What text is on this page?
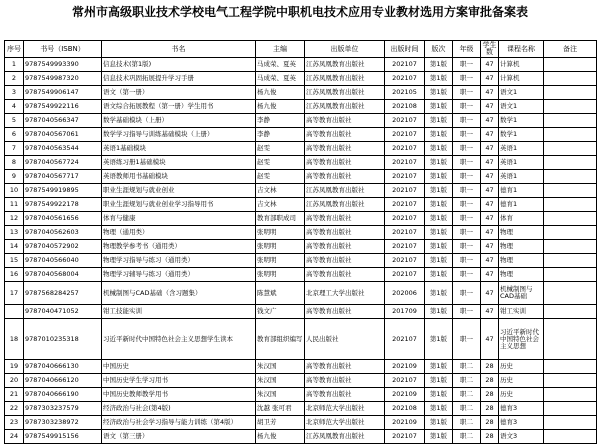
常州市高级职业技术学校电气工程学院中职机电技术应用专业教材选用方案审批备案表
序号	书号（ISBN）	书名	主编	出版单位	出版时间	版次	年级	学生数	课程名称	备注
1	9787549993390	信息技术(第1版)	马成荣、夏英	江苏凤凰教育出版社	202107	第1版	职一	47	计算机	
2	9787549987320	信息技术巩固拓展提升学习手册	马成荣、夏英	江苏凤凰教育出版社	202107	第1版	职一	47	计算机	
3	9787549906147	语文（第一册）	杨九俊	江苏凤凰教育出版社	202105	第1版	职一	47	语文1	
4	9787549922116	语文综合拓展教程（第一册）学生用书	杨九俊	江苏凤凰教育出版社	202108	第1版	职一	47	语文1	
5	9787040566347	数学基础模块（上册）	李静	高等教育出版社	202107	第1版	职一	47	数学1	
6	9787040567061	数学学习指导与训练基础模块（上册）	李静	高等教育出版社	202107	第1版	职一	47	数学1	
7	9787040563544	英语1基础模块	赵雯	高等教育出版社	202107	第1版	职一	47	英语1	
8	9787040567724	英语练习册1基础模块	赵雯	高等教育出版社	202107	第1版	职一	47	英语1	
9	9787040567717	英语教师用书基础模块	赵雯	高等教育出版社	202107	第1版	职一	47	英语1	
10	9787549919895	职业生涯规划与就业创业	吉文林	江苏凤凰教育出版社	202107	第1版	职一	47	德育1	
11	9787549922178	职业生涯规划与就业创业学习指导用书	吉文林	江苏凤凰教育出版社	202107	第1版	职一	47	德育1	
12	9787040561656	体育与健康	教育部职成司	高等教育出版社	202107	第1版	职一	47	体育	
13	9787040562603	物理（通用类）	张明明	高等教育出版社	202107	第1版	职一	47	物理	
14	9787040572902	物理教学参考书（通用类）	张明明	高等教育出版社	202107	第1版	职一	47	物理	
15	9787040566040	物理学习指导与练习（通用类）	张明明	高等教育出版社	202107	第1版	职一	47	物理	
16	9787040568004	物理学习辅导与练习（通用类）	张明明	高等教育出版社	202107	第1版	职一	47	物理	
17	9787568284257	机械制图与CAD基础（含习题集）	陈慧斌	北京理工大学出版社	202006	第1版	职一	47	机械制图与CAD基础	
	9787040471052	钳工技能实训	钱文广	高等教育出版社	201709	第1版	职一	47	钳工实训	
18	9787010235318	习近平新时代中国特色社会主义思想学生读本	教育部组织编写	人民出版社	202107	第1版	职一	47	习近平新时代中国特色社会主义思想	
19	9787040666130	中国历史	朱汉国	高等教育出版社	202109	第1版	职二	28	历史	
20	9787040666120	中国历史学生学习用书	朱汉国	高等教育出版社	202107	第1版	职二	28	历史	
21	9787040666190	中国历史教师教学用书	朱汉国	高等教育出版社	202109	第1版	职二	28	历史	
22	9787303237579	经济政治与社会(第4版)	沈越 张可君	北京师范大学出版社	202108	第1版	职二	28	德育3	
23	9787303238972	经济政治与社会学习指导与能力训练（第4版）	胡卫芳	北京师范大学出版社	202109	第1版	职二	28	德育3	
24	9787549915156	语文（第三册）	杨九俊	江苏凤凰教育出版社	202107	第1版	职二	28	语文3	
